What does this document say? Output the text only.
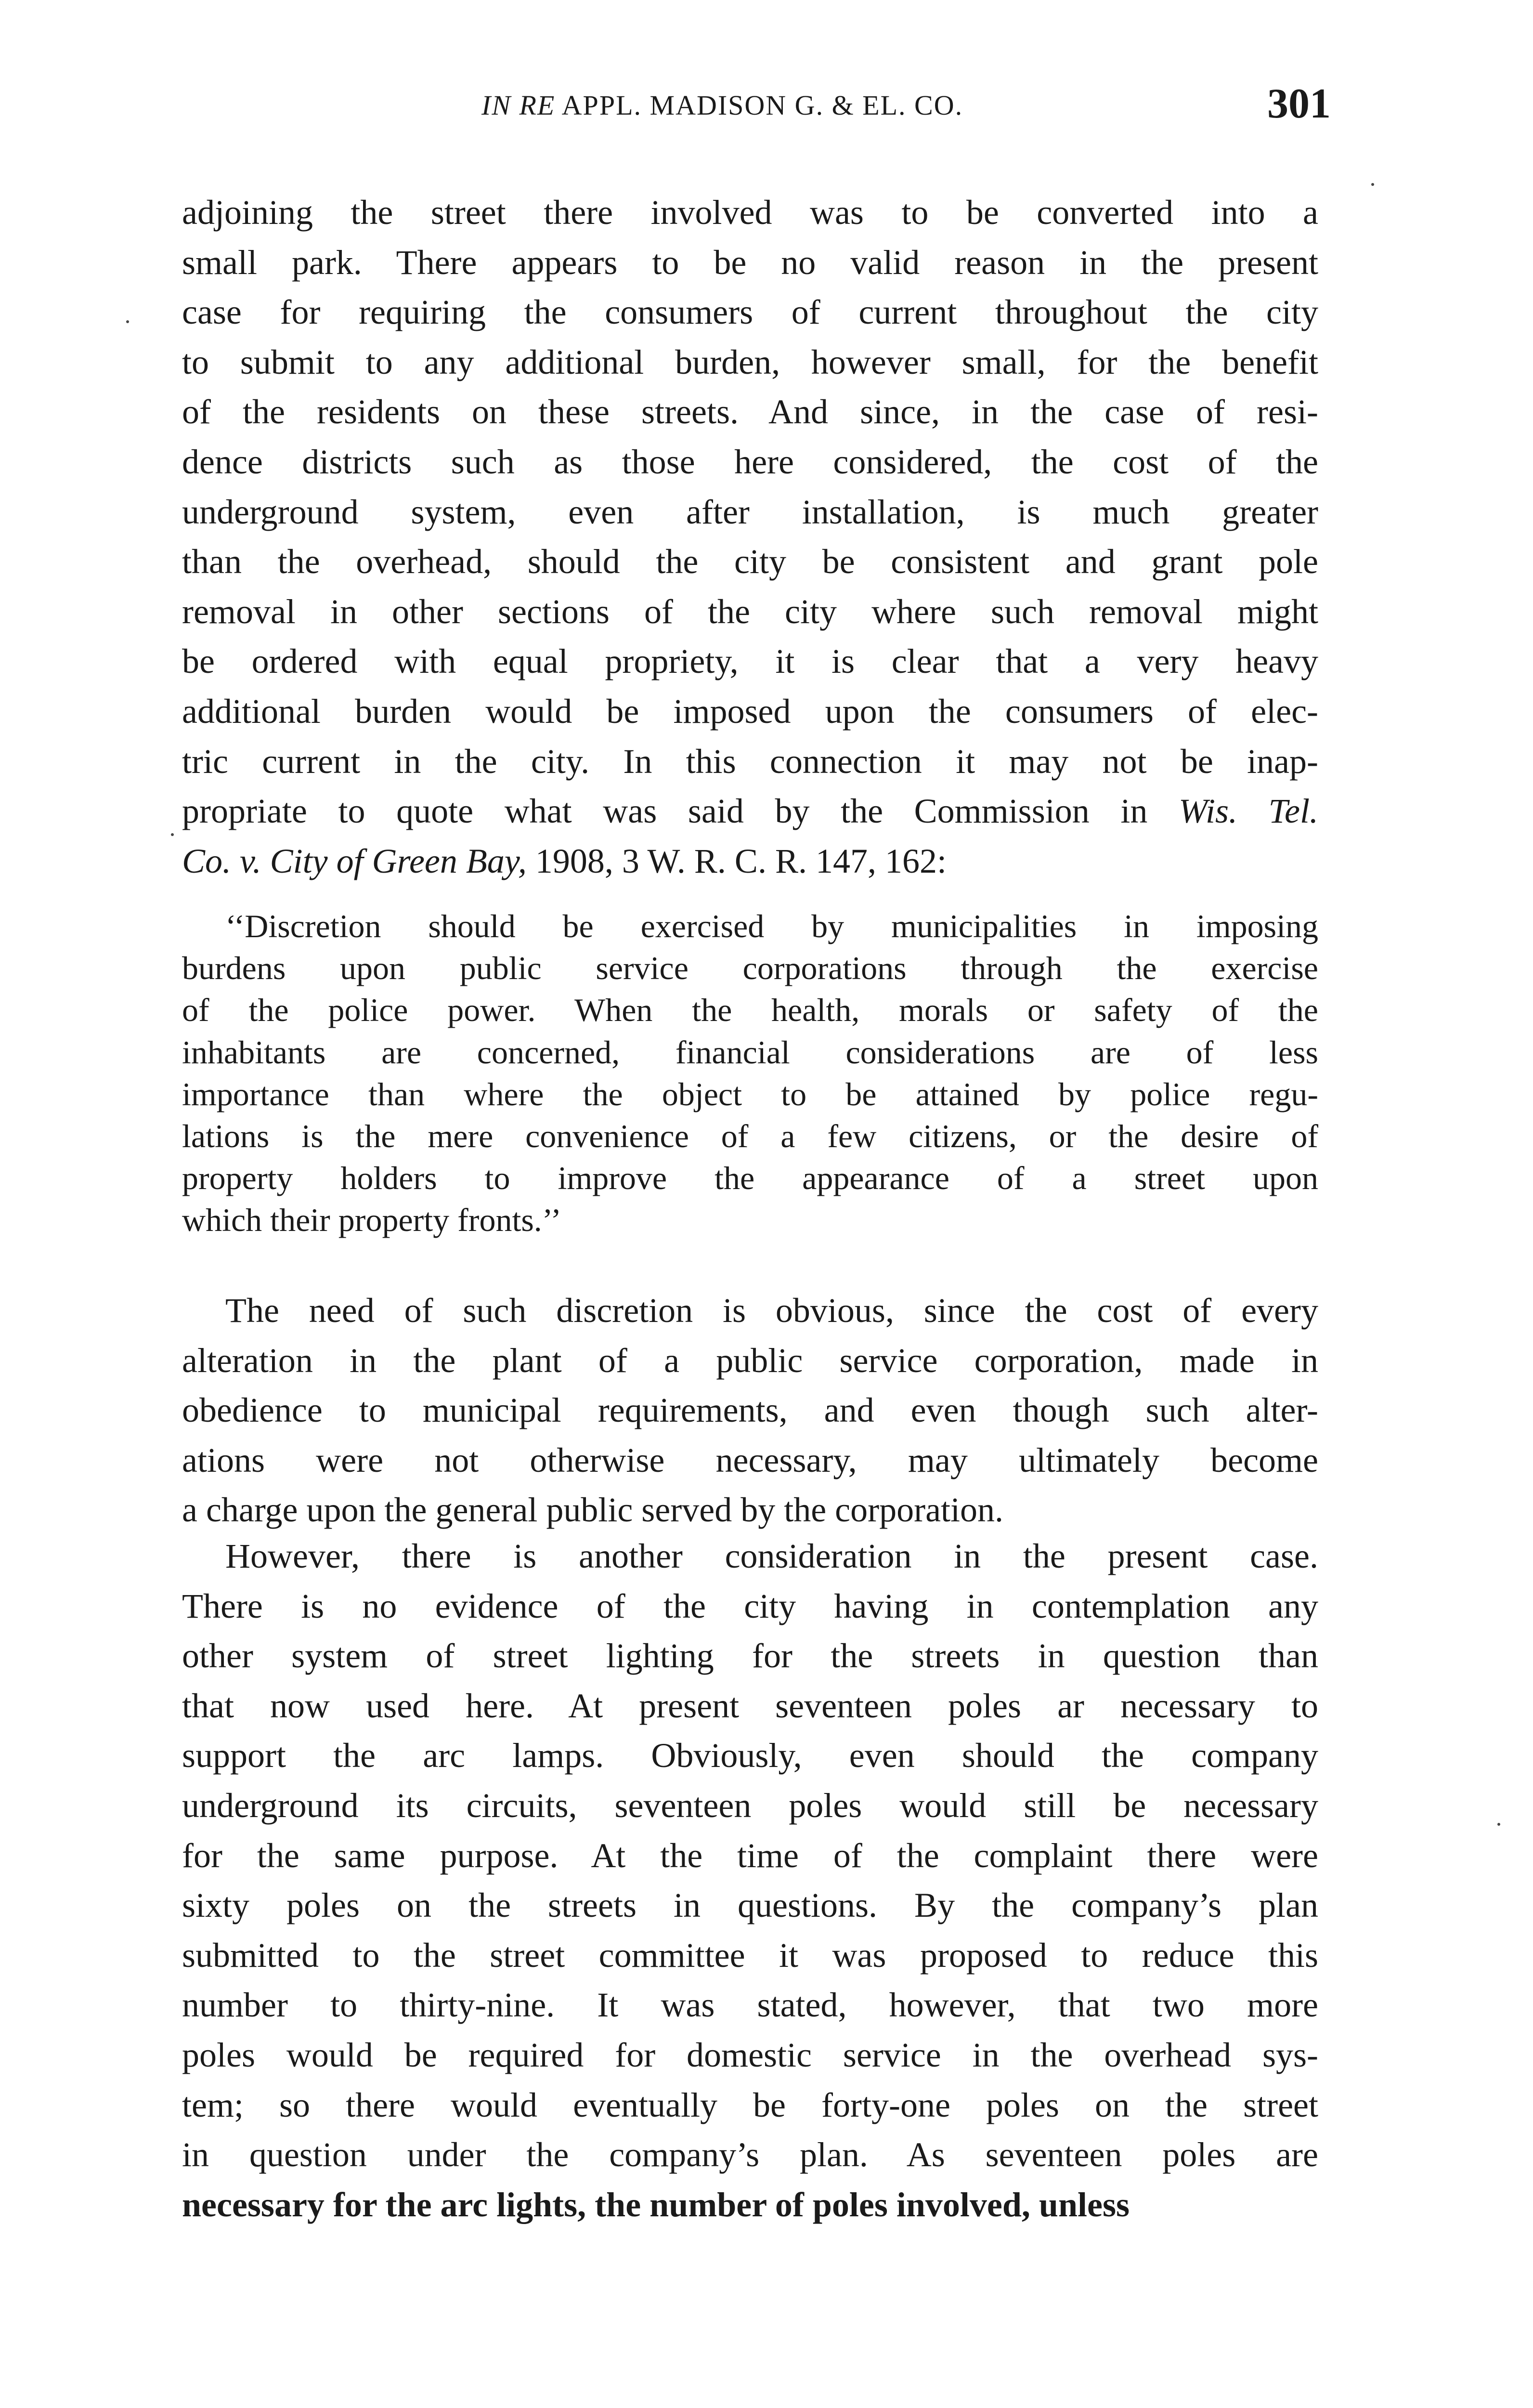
IN RE APPL. MADISON G. & EL. CO.	301
adjoining the street there involved was to be converted into a
small park. There appears to be no valid reason in the present
case for requiring the consumers of current throughout the city
to submit to any additional burden, however small, for the benefit
of the residents on these streets. And since, in the case of resi-
dence districts such as those here considered, the cost of the
underground system, even after installation, is much greater
than the overhead, should the city be consistent and grant pole
removal in other sections of the city where such removal might
be ordered with equal propriety, it is clear that a very heavy
additional burden would be imposed upon the consumers of elec-
tric current in the city. In this connection it may not be inap-
propriate to quote what was said by the Commission in Wis. Tel.
Co. v. City of Green Bay, 1908, 3 W. R. C. R. 147, 162:
‘‘Discretion should be exercised by municipalities in imposing
burdens upon public service corporations through the exercise
of the police power. When the health, morals or safety of the
inhabitants are concerned, financial considerations are of less
importance than where the object to be attained by police regu-
lations is the mere convenience of a few citizens, or the desire of
property holders to improve the appearance of a street upon
which their property fronts.’’
The need of such discretion is obvious, since the cost of every
alteration in the plant of a public service corporation, made in
obedience to municipal requirements, and even though such alter-
ations were not otherwise necessary, may ultimately become
a charge upon the general public served by the corporation.
However, there is another consideration in the present case.
There is no evidence of the city having in contemplation any
other system of street lighting for the streets in question than
that now used here. At present seventeen poles ar necessary to
support the arc lamps. Obviously, even should the company
underground its circuits, seventeen poles would still be necessary
for the same purpose. At the time of the complaint there were
sixty poles on the streets in questions. By the company’s plan
submitted to the street committee it was proposed to reduce this
number to thirty-nine. It was stated, however, that two more
poles would be required for domestic service in the overhead sys-
tem; so there would eventually be forty-one poles on the street
in question under the company’s plan. As seventeen poles are
necessary for the arc lights, the number of poles involved, unless
